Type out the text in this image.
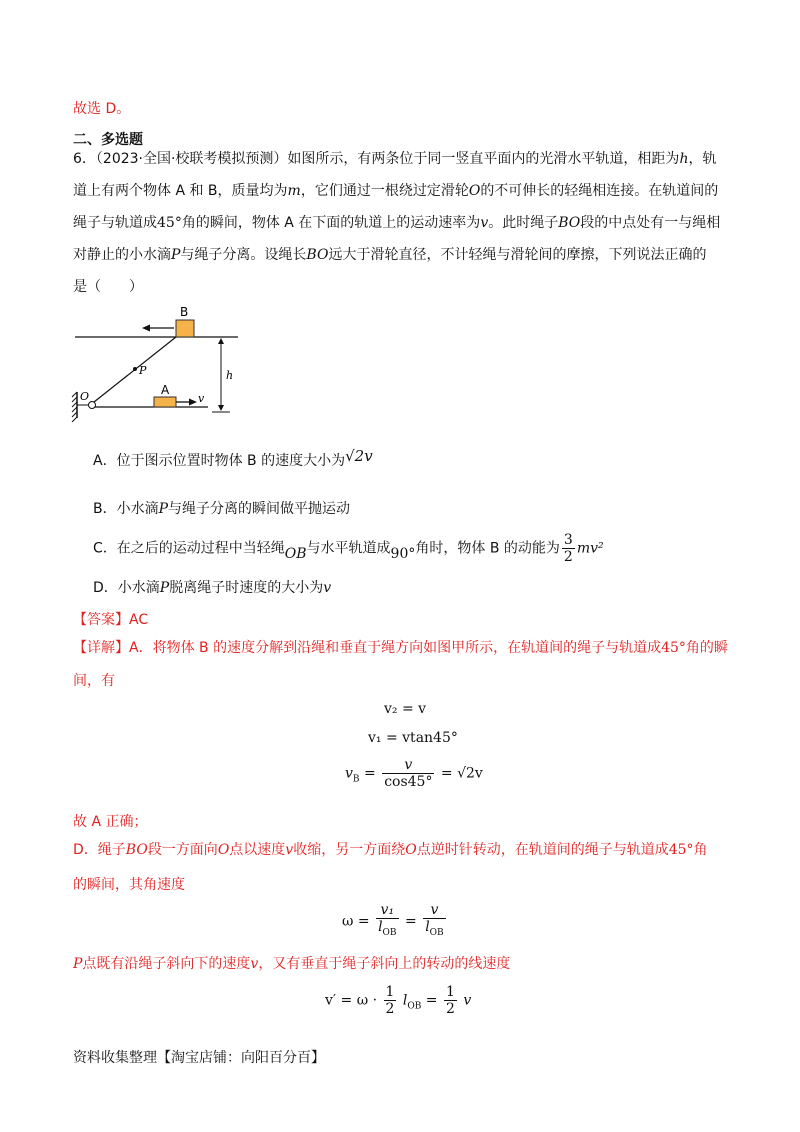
故选 D。
二、多选题
6．（2023·全国·校联考模拟预测）如图所示，有两条位于同一竖直平面内的光滑水平轨道，相距为h，轨
道上有两个物体 A 和 B，质量均为m，它们通过一根绕过定滑轮O的不可伸长的轻绳相连接。在轨道间的
绳子与轨道成45°角的瞬间，物体 A 在下面的轨道上的运动速率为v。此时绳子BO段的中点处有一与绳相
对静止的小水滴P与绳子分离。设绳长BO远大于滑轮直径，不计轻绳与滑轮间的摩擦，下列说法正确的
是（　　）
B
A
v
O
P	h
A．位于图示位置时物体 B 的速度大小为√2v
B．小水滴P与绳子分离的瞬间做平抛运动
C．在之后的运动过程中当轻绳OB与水平轨道成90°角时，物体 B 的动能为 $\frac{3}{2} mv^2$
D．小水滴P脱离绳子时速度的大小为v
【答案】AC
【详解】A．将物体 B 的速度分解到沿绳和垂直于绳方向如图甲所示，在轨道间的绳子与轨道成45°角的瞬
间，有
v₂ = v
v₁ = vtan45°
$v_B = \frac{v}{\cos 45^\circ} = √2v$
故 A 正确；
D．绳子BO段一方面向O点以速度v收缩，另一方面绕O点逆时针转动，在轨道间的绳子与轨道成45°角
的瞬间，其角速度
$\omega = \frac{\text{v₁}}{l_{OB}} = \frac{v}{l_{OB}}$
P点既有沿绳子斜向下的速度v，又有垂直于绳子斜向上的转动的线速度
$v' = \omega \cdot \frac{1}{2} l_{OB} = \frac{1}{2}$ v
资料收集整理【淘宝店铺：向阳百分百】
